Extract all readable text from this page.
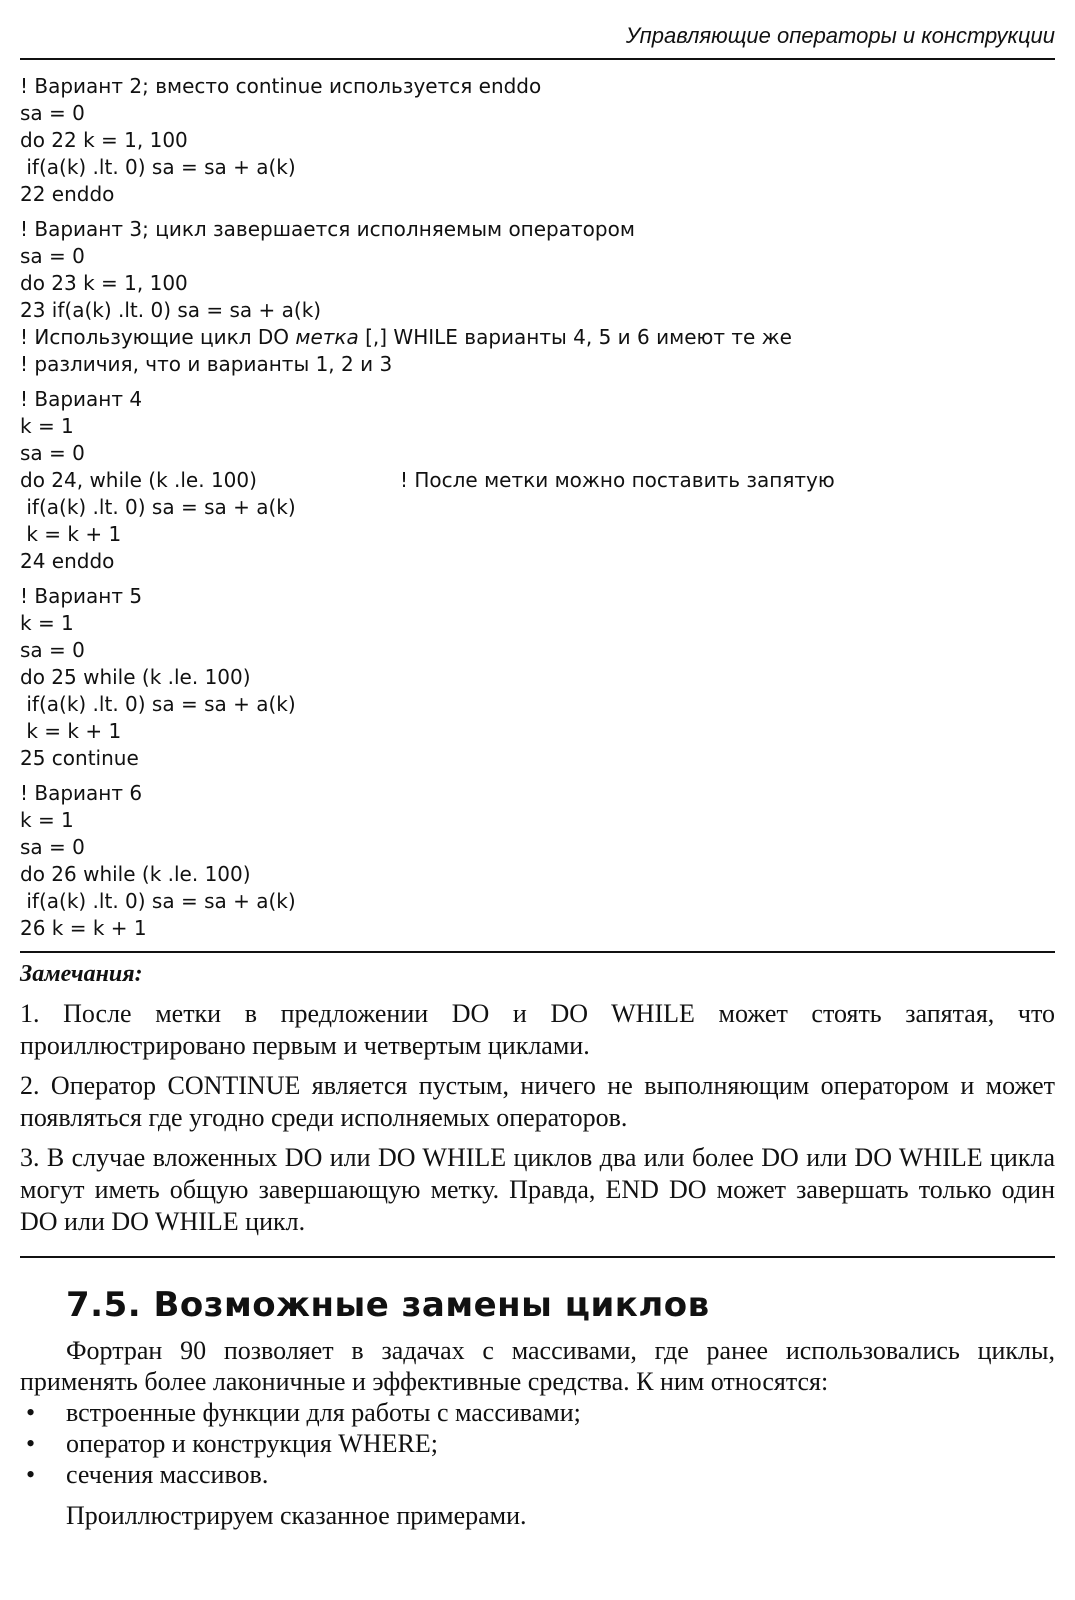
Управляющие операторы и конструкции
! Вариант 2; вместо continue используется enddo
sa = 0
do 22 k = 1, 100
if(a(k) .lt. 0) sa = sa + a(k)
22 enddo
! Вариант 3; цикл завершается исполняемым оператором
sa = 0
do 23 k = 1, 100
23 if(a(k) .lt. 0) sa = sa + a(k)
! Использующие цикл DO метка [,] WHILE варианты 4, 5 и 6 имеют те же
! различия, что и варианты 1, 2 и 3
! Вариант 4
k = 1
sa = 0
do 24, while (k .le. 100)	! После метки можно поставить запятую
if(a(k) .lt. 0) sa = sa + a(k)
k = k + 1
24 enddo
! Вариант 5
k = 1
sa = 0
do 25 while (k .le. 100)
if(a(k) .lt. 0) sa = sa + a(k)
k = k + 1
25 continue
! Вариант 6
k = 1
sa = 0
do 26 while (k .le. 100)
if(a(k) .lt. 0) sa = sa + a(k)
26 k = k + 1
Замечания:

1. После метки в предложении DO и DO WHILE может стоять запятая, что проиллюстрировано первым и четвертым циклами.

2. Оператор CONTINUE является пустым, ничего не выполняющим оператором и может появляться где угодно среди исполняемых операторов.

3. В случае вложенных DO или DO WHILE циклов два или более DO или DO WHILE цикла могут иметь общую завершающую метку. Правда, END DO может завершать только один DO или DO WHILE цикл.

7.5. Возможные замены циклов

Фортран 90 позволяет в задачах с массивами, где ранее использовались циклы, применять более лаконичные и эффективные средства. К ним относятся:

• встроенные функции для работы с массивами;
• оператор и конструкция WHERE;
• сечения массивов.

Проиллюстрируем сказанное примерами.
